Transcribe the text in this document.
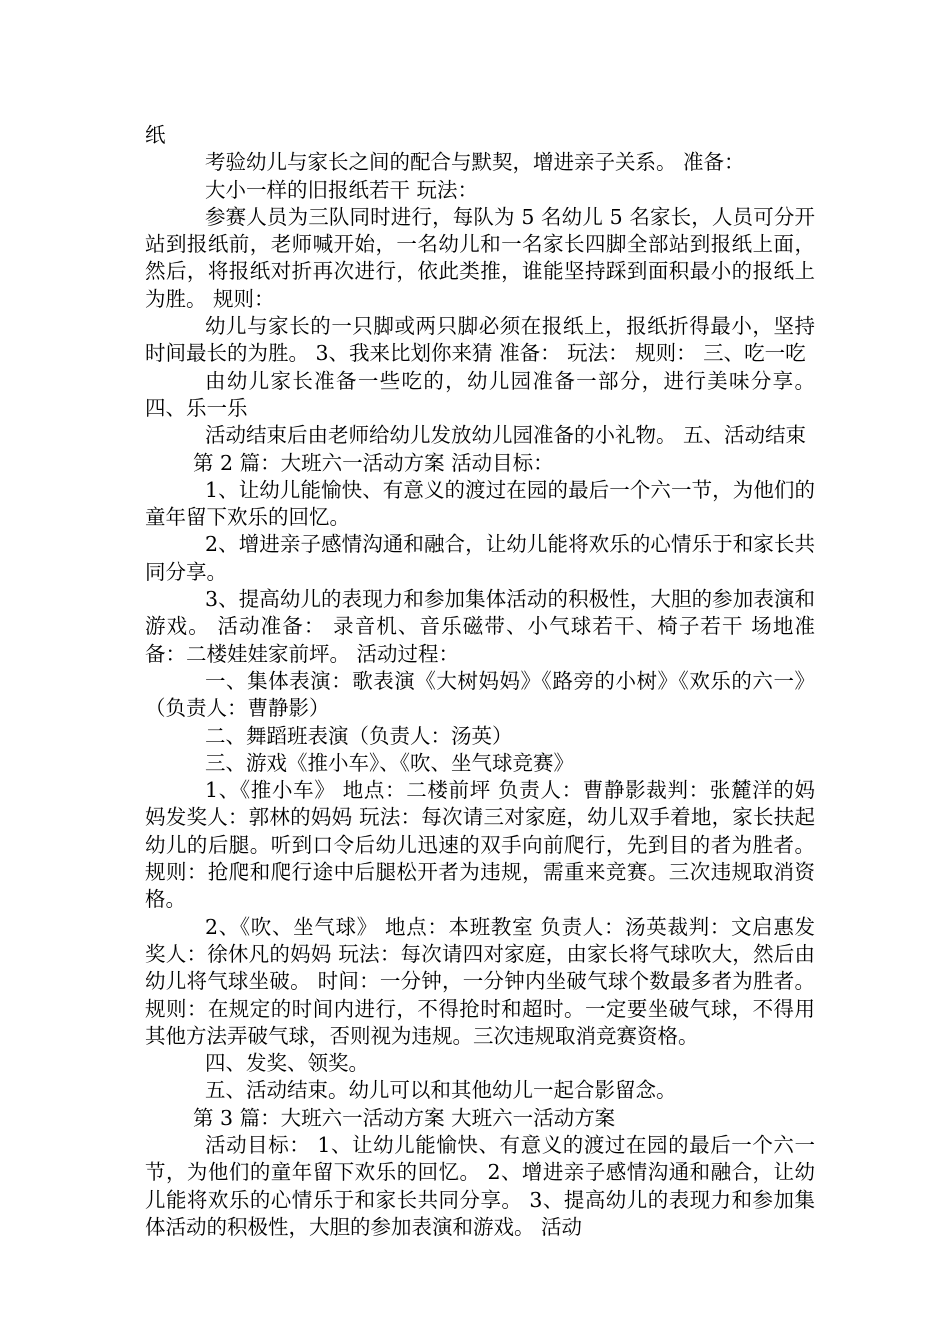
纸

考验幼儿与家长之间的配合与默契，增进亲子关系。 准备：

大小一样的旧报纸若干 玩法：

参赛人员为三队同时进行，每队为 5 名幼儿 5 名家长，人员可分开站到报纸前，老师喊开始，一名幼儿和一名家长四脚全部站到报纸上面，然后，将报纸对折再次进行，依此类推，谁能坚持踩到面积最小的报纸上为胜。 规则：

幼儿与家长的一只脚或两只脚必须在报纸上，报纸折得最小，坚持时间最长的为胜。 3、我来比划你来猜 准备： 玩法： 规则： 三、吃一吃

由幼儿家长准备一些吃的，幼儿园准备一部分，进行美味分享。 四、乐一乐

活动结束后由老师给幼儿发放幼儿园准备的小礼物。 五、活动结束

第 2 篇：大班六一活动方案 活动目标：

1、让幼儿能愉快、有意义的渡过在园的最后一个六一节，为他们的童年留下欢乐的回忆。

2、增进亲子感情沟通和融合，让幼儿能将欢乐的心情乐于和家长共同分享。

3、提高幼儿的表现力和参加集体活动的积极性，大胆的参加表演和游戏。 活动准备： 录音机、音乐磁带、小气球若干、椅子若干 场地准备：二楼娃娃家前坪。 活动过程：

一、集体表演：歌表演《大树妈妈》《路旁的小树》《欢乐的六一》（负责人：曹静影）

二、舞蹈班表演（负责人：汤英）

三、游戏《推小车》、《吹、坐气球竞赛》

1、《推小车》 地点：二楼前坪 负责人：曹静影裁判：张麓洋的妈妈发奖人：郭林的妈妈 玩法：每次请三对家庭，幼儿双手着地，家长扶起幼儿的后腿。听到口令后幼儿迅速的双手向前爬行，先到目的者为胜者。 规则：抢爬和爬行途中后腿松开者为违规，需重来竞赛。三次违规取消资格。

2、《吹、坐气球》 地点：本班教室 负责人：汤英裁判：文启惠发奖人：徐休凡的妈妈 玩法：每次请四对家庭，由家长将气球吹大，然后由幼儿将气球坐破。 时间：一分钟，一分钟内坐破气球个数最多者为胜者。 规则：在规定的时间内进行，不得抢时和超时。一定要坐破气球，不得用其他方法弄破气球，否则视为违规。三次违规取消竞赛资格。

四、发奖、领奖。

五、活动结束。幼儿可以和其他幼儿一起合影留念。

第 3 篇：大班六一活动方案 大班六一活动方案

活动目标： 1、让幼儿能愉快、有意义的渡过在园的最后一个六一节，为他们的童年留下欢乐的回忆。 2、增进亲子感情沟通和融合，让幼儿能将欢乐的心情乐于和家长共同分享。 3、提高幼儿的表现力和参加集体活动的积极性，大胆的参加表演和游戏。 活动
